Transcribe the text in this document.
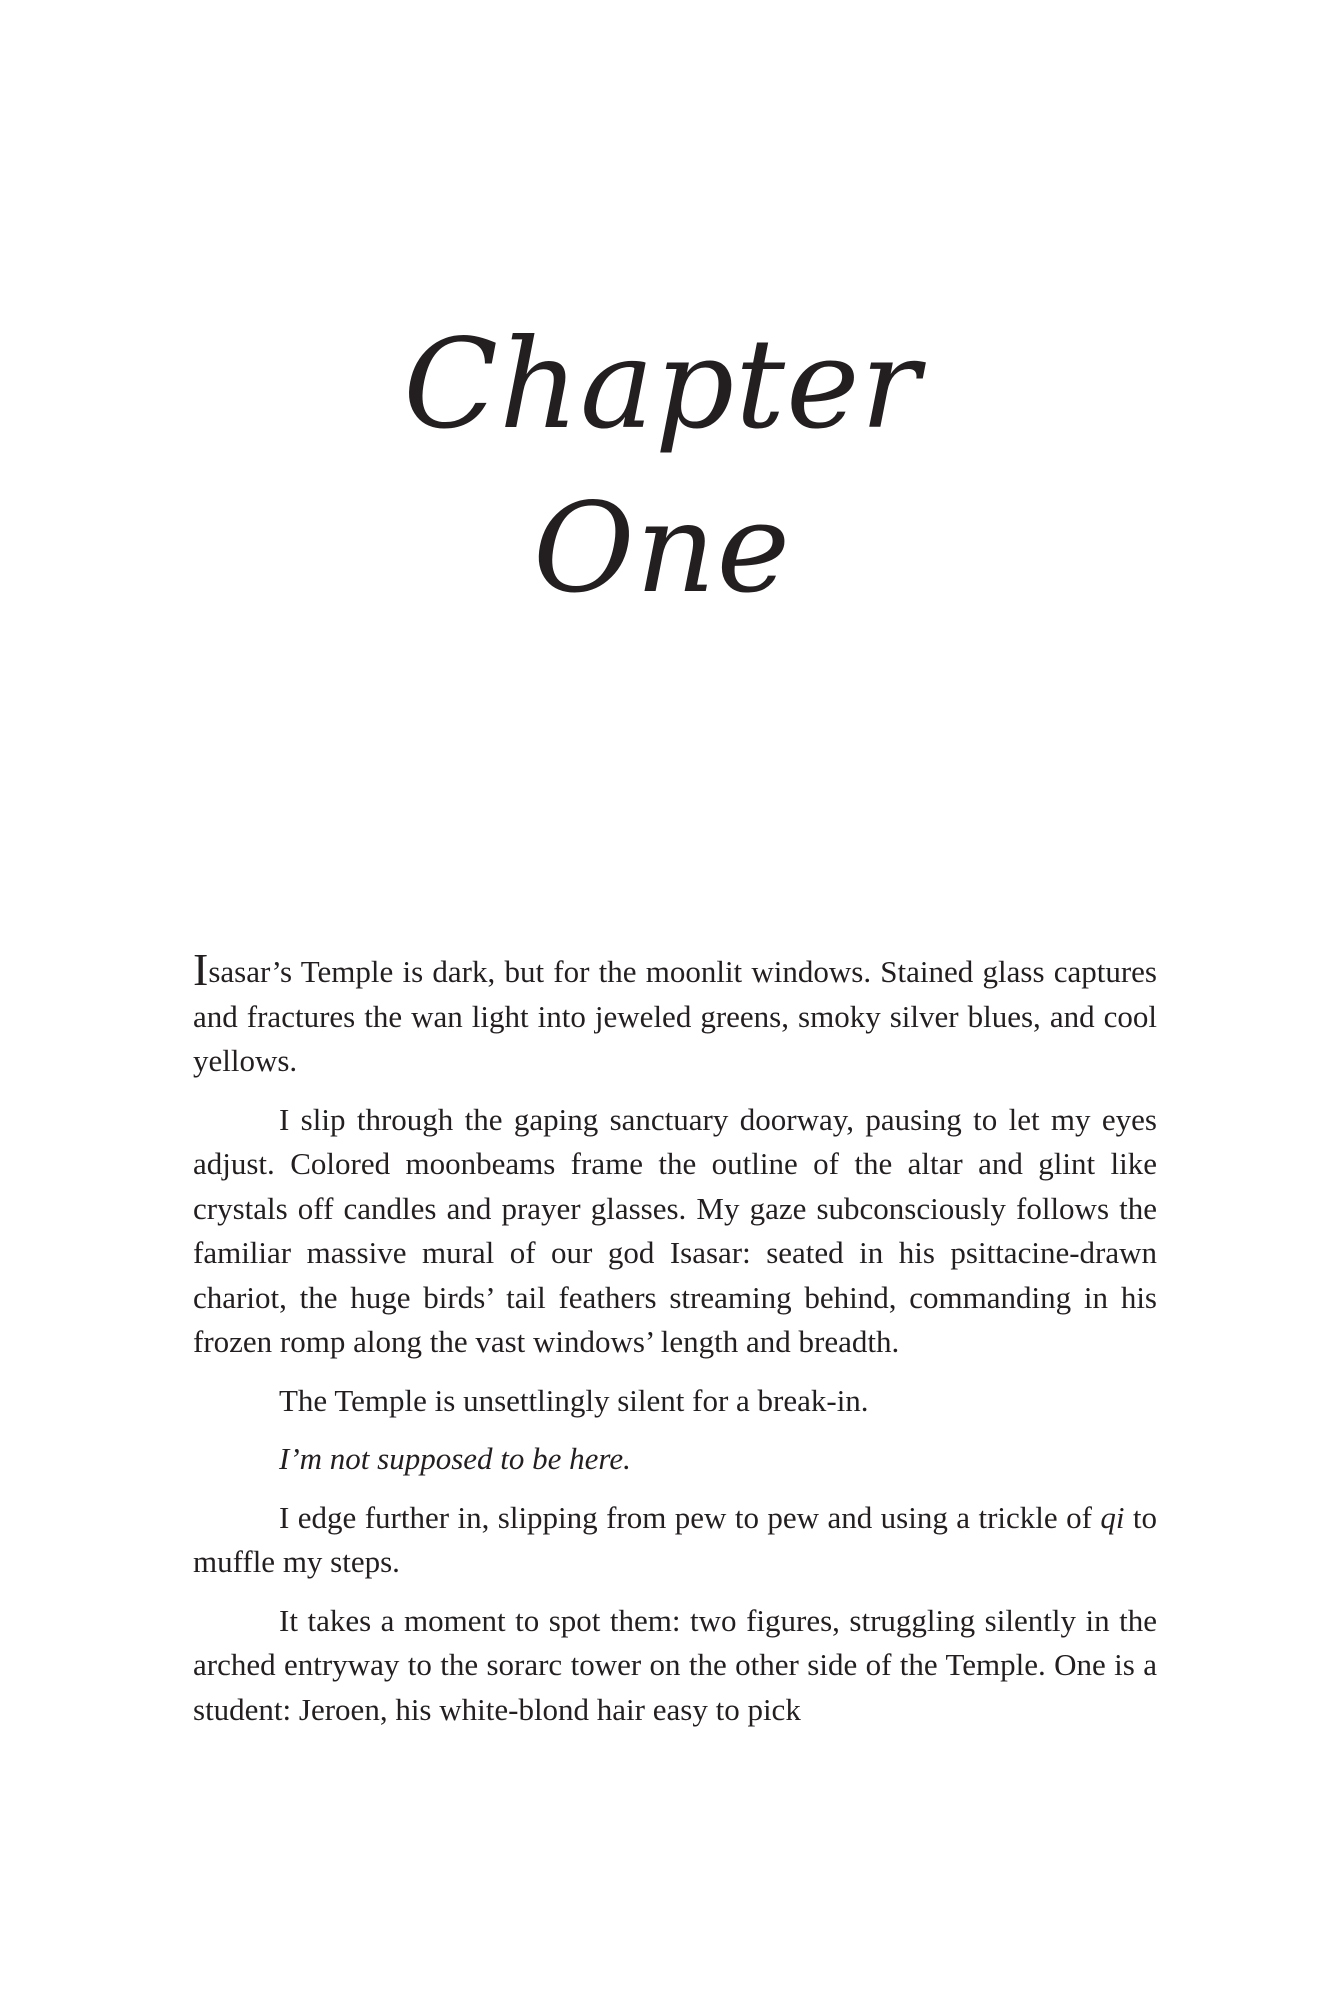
Chapter
One

Isasar’s Temple is dark, but for the moonlit windows. Stained glass captures and fractures the wan light into jeweled greens, smoky silver blues, and cool yellows.

I slip through the gaping sanctuary doorway, pausing to let my eyes adjust. Colored moonbeams frame the outline of the altar and glint like crystals off candles and prayer glasses. My gaze subconsciously follows the familiar massive mural of our god Isasar: seated in his psittacine-drawn chariot, the huge birds’ tail feathers streaming behind, commanding in his frozen romp along the vast windows’ length and breadth.

The Temple is unsettlingly silent for a break-in.

I’m not supposed to be here.

I edge further in, slipping from pew to pew and using a trickle of qi to muffle my steps.

It takes a moment to spot them: two figures, struggling silently in the arched entryway to the sorarc tower on the other side of the Temple. One is a student: Jeroen, his white-blond hair easy to pick
